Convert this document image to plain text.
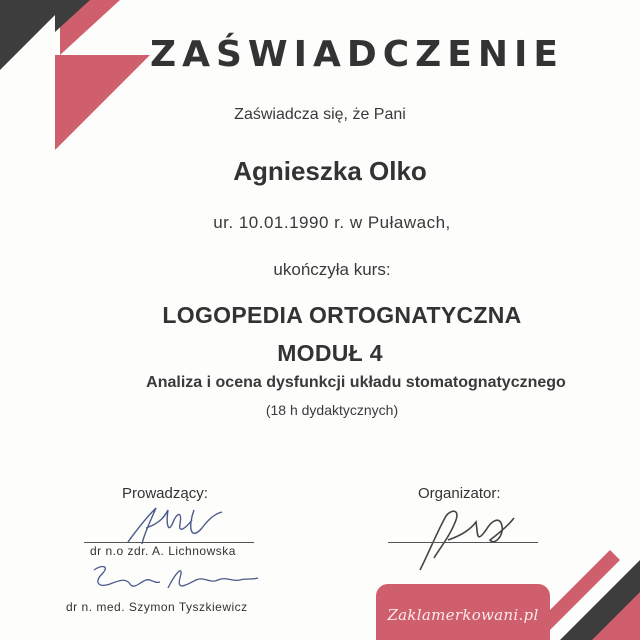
ZAŚWIADCZENIE
Zaświadcza się, że Pani
Agnieszka Olko
ur. 10.01.1990 r. w Puławach,
ukończyła kurs:
LOGOPEDIA ORTOGNATYCZNA
MODUŁ 4
Analiza i ocena dysfunkcji układu stomatognatycznego
(18 h dydaktycznych)
Prowadzący:	Organizator:
dr n.o zdr. A. Lichnowska
dr n. med. Szymon Tyszkiewicz	Zaklamerkowani.pl
